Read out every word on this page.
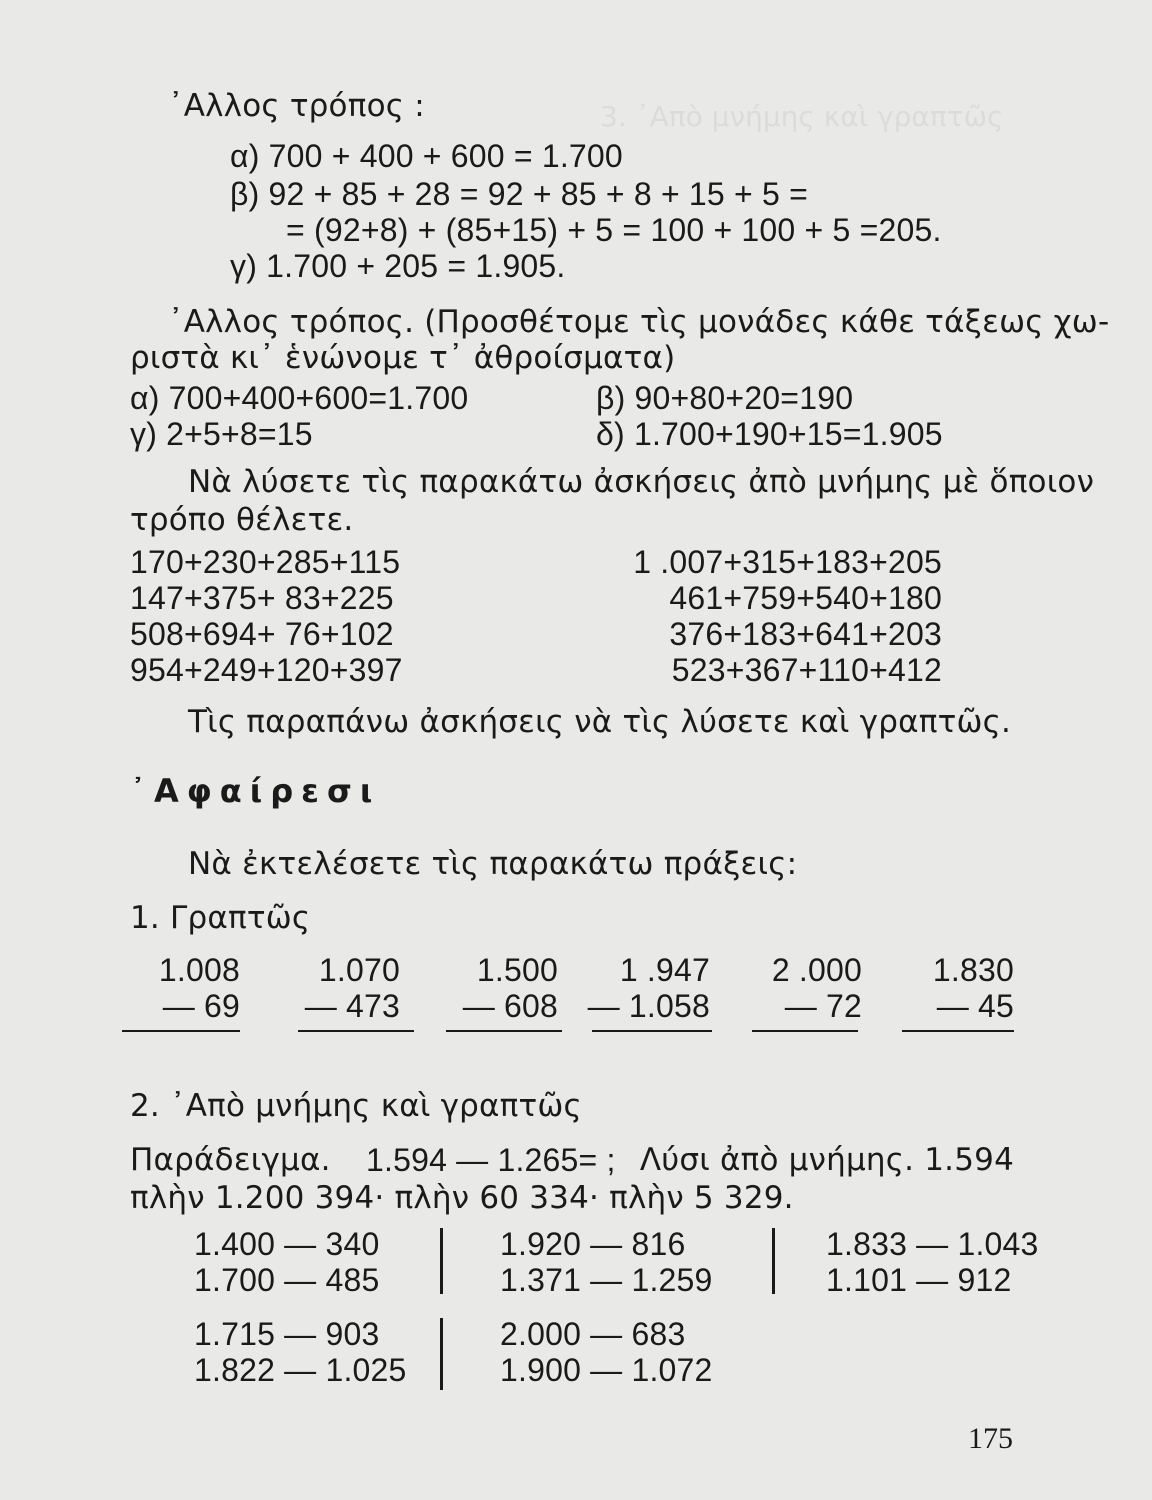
3. ᾽Απὸ μνήμης καὶ γραπτῶς
᾽Αλλος τρόπος :
α) 700 + 400 + 600 = 1.700
β) 92 + 85 + 28 = 92 + 85 + 8 + 15 + 5 =
= (92+8) + (85+15) + 5 = 100 + 100 + 5 =205.
γ) 1.700 + 205 = 1.905.
᾽Αλλος τρόπος. (Προσθέτομε τὶς μονάδες κάθε τάξεως χω-
ριστὰ κι᾽ ἑνώνομε τ᾽ ἀθροίσματα)
α) 700+400+600=1.700	β) 90+80+20=190
γ) 2+5+8=15	δ) 1.700+190+15=1.905
Νὰ λύσετε τὶς παρακάτω ἀσκήσεις ἀπὸ μνήμης μὲ ὅποιον
τρόπο θέλετε.
170+230+285+115
147+375+ 83+225
508+694+ 76+102
954+249+120+397
1 .007+315+183+205
461+759+540+180
376+183+641+203
523+367+110+412
Τὶς παραπάνω ἀσκήσεις νὰ τὶς λύσετε καὶ γραπτῶς.
᾽Αφαίρεσι
Νὰ ἐκτελέσετε τὶς παρακάτω πράξεις:
1. Γραπτῶς
1.008
— 69
1.070
— 473
1.500
— 608
1 .947
— 1.058
2 .000
— 72
1.830
— 45
2. ᾽Απὸ μνήμης καὶ γραπτῶς
Παράδειγμα. 1.594 — 1.265= ; Λύσι ἀπὸ μνήμης. 1.594
πλὴν 1.200 394· πλὴν 60 334· πλὴν 5 329.
1.400 — 340
1.700 — 485
1.715 — 903
1.822 — 1.025
1.920 — 816
1.371 — 1.259
2.000 — 683
1.900 — 1.072
1.833 — 1.043
1.101 — 912
175
